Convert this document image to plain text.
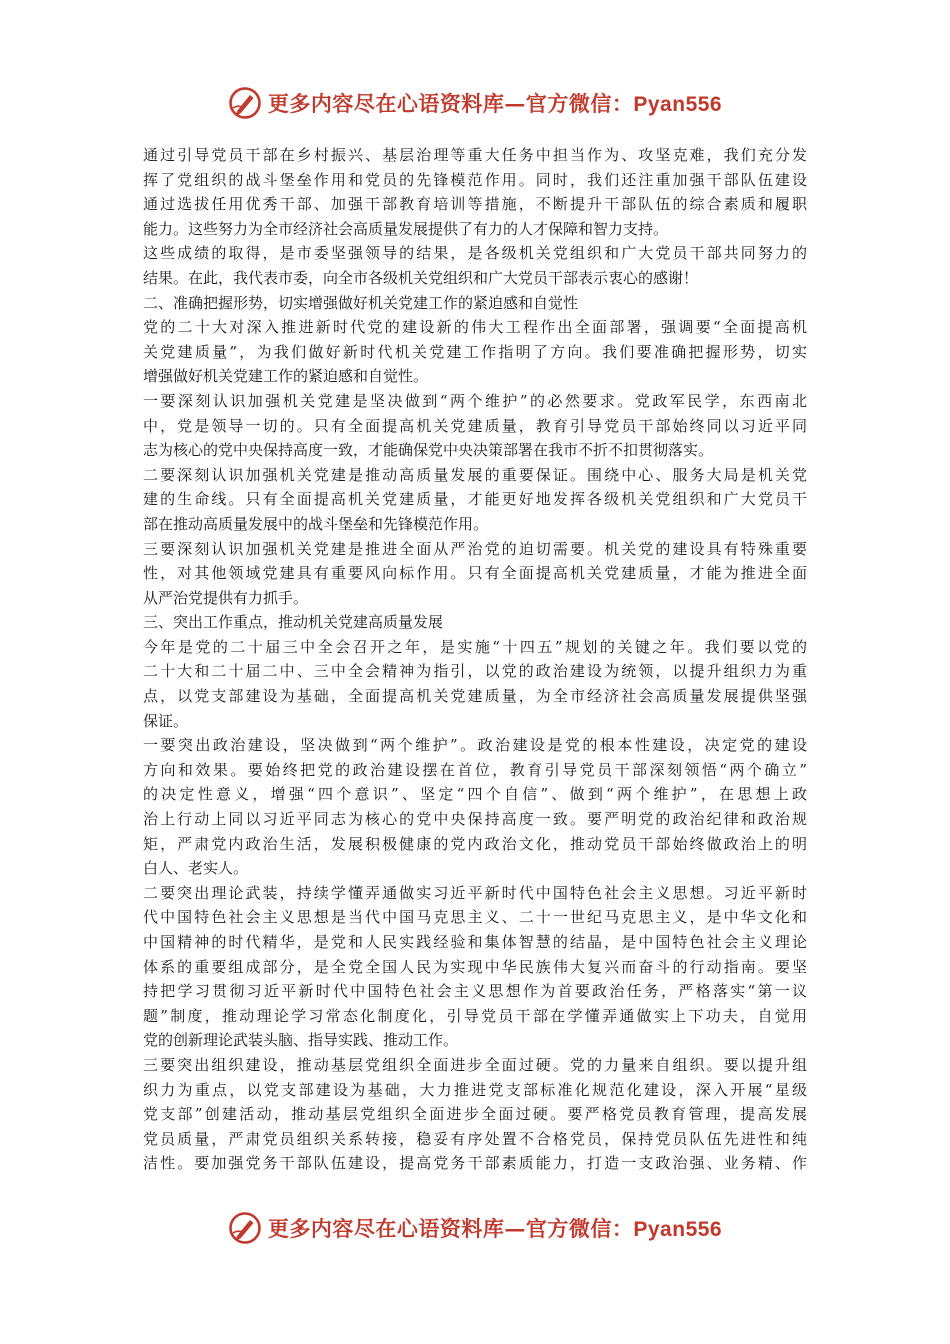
更多内容尽在心语资料库—官方微信：Pyan556
通过引导党员干部在乡村振兴、基层治理等重大任务中担当作为、攻坚克难，我们充分发
挥了党组织的战斗堡垒作用和党员的先锋模范作用。同时，我们还注重加强干部队伍建设
通过选拔任用优秀干部、加强干部教育培训等措施，不断提升干部队伍的综合素质和履职
能力。这些努力为全市经济社会高质量发展提供了有力的人才保障和智力支持。
这些成绩的取得，是市委坚强领导的结果，是各级机关党组织和广大党员干部共同努力的
结果。在此，我代表市委，向全市各级机关党组织和广大党员干部表示衷心的感谢！
二、准确把握形势，切实增强做好机关党建工作的紧迫感和自觉性
党的二十大对深入推进新时代党的建设新的伟大工程作出全面部署，强调要“全面提高机
关党建质量”，为我们做好新时代机关党建工作指明了方向。我们要准确把握形势，切实
增强做好机关党建工作的紧迫感和自觉性。
一要深刻认识加强机关党建是坚决做到“两个维护”的必然要求。党政军民学，东西南北
中，党是领导一切的。只有全面提高机关党建质量，教育引导党员干部始终同以习近平同
志为核心的党中央保持高度一致，才能确保党中央决策部署在我市不折不扣贯彻落实。
二要深刻认识加强机关党建是推动高质量发展的重要保证。围绕中心、服务大局是机关党
建的生命线。只有全面提高机关党建质量，才能更好地发挥各级机关党组织和广大党员干
部在推动高质量发展中的战斗堡垒和先锋模范作用。
三要深刻认识加强机关党建是推进全面从严治党的迫切需要。机关党的建设具有特殊重要
性，对其他领域党建具有重要风向标作用。只有全面提高机关党建质量，才能为推进全面
从严治党提供有力抓手。
三、突出工作重点，推动机关党建高质量发展
今年是党的二十届三中全会召开之年，是实施“十四五”规划的关键之年。我们要以党的
二十大和二十届二中、三中全会精神为指引，以党的政治建设为统领，以提升组织力为重
点，以党支部建设为基础，全面提高机关党建质量，为全市经济社会高质量发展提供坚强
保证。
一要突出政治建设，坚决做到“两个维护”。政治建设是党的根本性建设，决定党的建设
方向和效果。要始终把党的政治建设摆在首位，教育引导党员干部深刻领悟“两个确立”
的决定性意义，增强“四个意识”、坚定“四个自信”、做到“两个维护”，在思想上政
治上行动上同以习近平同志为核心的党中央保持高度一致。要严明党的政治纪律和政治规
矩，严肃党内政治生活，发展积极健康的党内政治文化，推动党员干部始终做政治上的明
白人、老实人。
二要突出理论武装，持续学懂弄通做实习近平新时代中国特色社会主义思想。习近平新时
代中国特色社会主义思想是当代中国马克思主义、二十一世纪马克思主义，是中华文化和
中国精神的时代精华，是党和人民实践经验和集体智慧的结晶，是中国特色社会主义理论
体系的重要组成部分，是全党全国人民为实现中华民族伟大复兴而奋斗的行动指南。要坚
持把学习贯彻习近平新时代中国特色社会主义思想作为首要政治任务，严格落实“第一议
题”制度，推动理论学习常态化制度化，引导党员干部在学懂弄通做实上下功夫，自觉用
党的创新理论武装头脑、指导实践、推动工作。
三要突出组织建设，推动基层党组织全面进步全面过硬。党的力量来自组织。要以提升组
织力为重点，以党支部建设为基础，大力推进党支部标准化规范化建设，深入开展“星级
党支部”创建活动，推动基层党组织全面进步全面过硬。要严格党员教育管理，提高发展
党员质量，严肃党员组织关系转接，稳妥有序处置不合格党员，保持党员队伍先进性和纯
洁性。要加强党务干部队伍建设，提高党务干部素质能力，打造一支政治强、业务精、作
更多内容尽在心语资料库—官方微信：Pyan556
